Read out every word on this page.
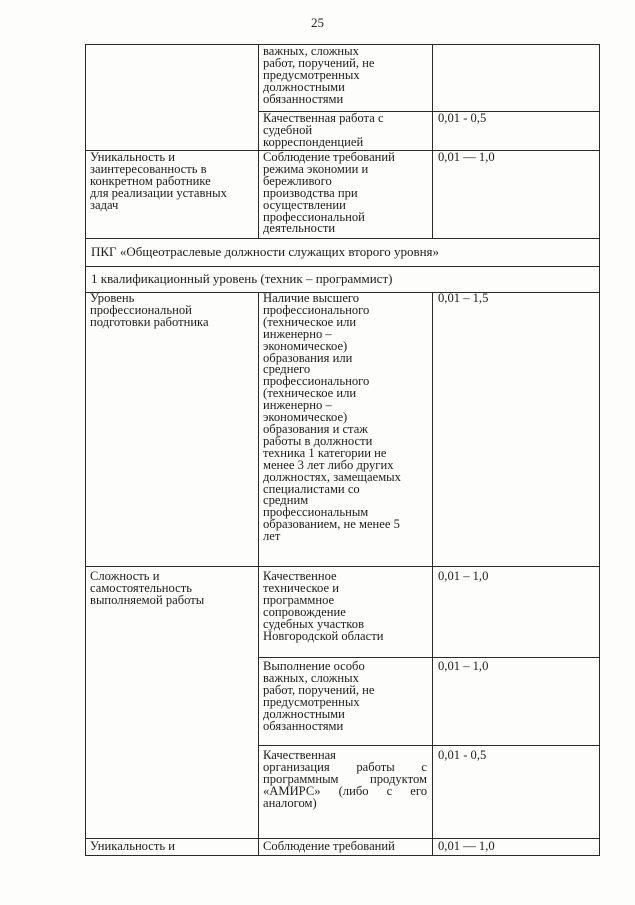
25

важных, сложных
работ, поручений, не
предусмотренных
должностными
обязанностями

Качественная работа с
судебной
корреспонденцией

0,01 - 0,5

Уникальность и
заинтересованность в
конкретном работнике
для реализации уставных
задач

Соблюдение требований
режима экономии и
бережливого
производства при
осуществлении
профессиональной
деятельности

0,01 — 1,0

ПКГ «Общеотраслевые должности служащих второго уровня»

1 квалификационный уровень (техник – программист)

Уровень
профессиональной
подготовки работника

Наличие высшего
профессионального
(техническое или
инженерно –
экономическое)
образования или
среднего
профессионального
(техническое или
инженерно –
экономическое)
образования и стаж
работы в должности
техника 1 категории не
менее 3 лет либо других
должностях, замещаемых
специалистами со
средним
профессиональным
образованием, не менее 5
лет

0,01 – 1,5

Сложность и
самостоятельность
выполняемой работы

Качественное
техническое и
программное
сопровождение
судебных участков
Новгородской области

0,01 – 1,0

Выполнение особо
важных, сложных
работ, поручений, не
предусмотренных
должностными
обязанностями

0,01 – 1,0

Качественная

организация работы с

программным продуктом

«АМИРС» (либо с его

аналогом)

0,01 - 0,5

Уникальность и	Соблюдение требований	0,01 — 1,0
